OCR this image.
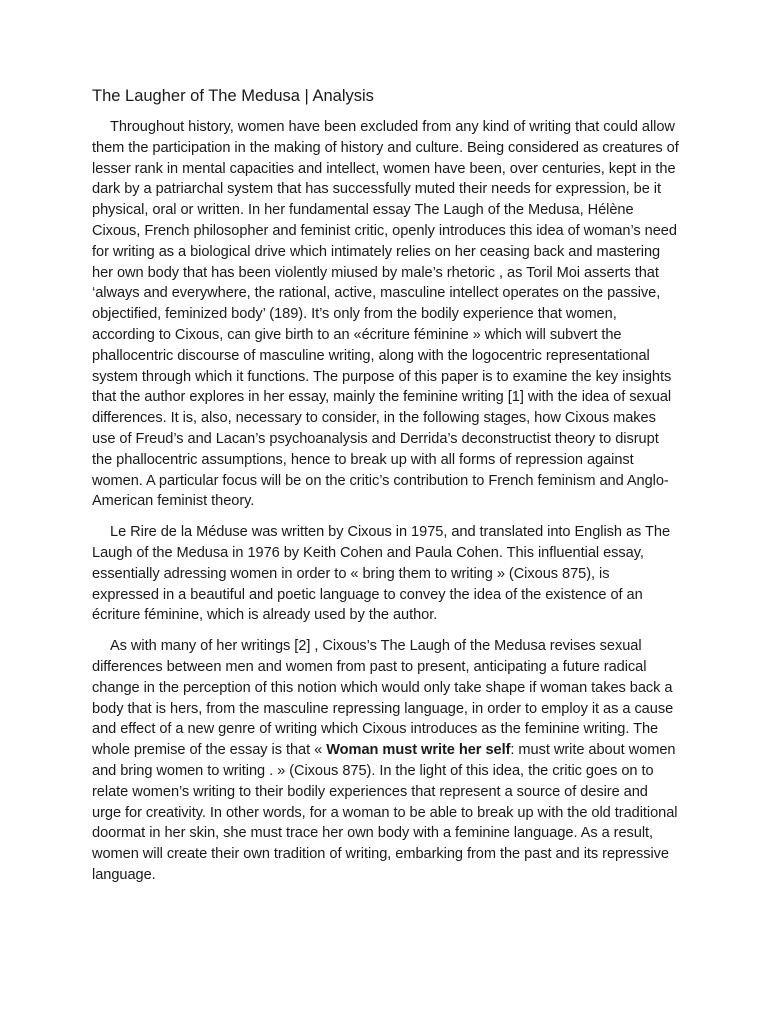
The Laugher of The Medusa | Analysis

Throughout history, women have been excluded from any kind of writing that could allow them the participation in the making of history and culture. Being considered as creatures of lesser rank in mental capacities and intellect, women have been, over centuries, kept in the dark by a patriarchal system that has successfully muted their needs for expression, be it physical, oral or written. In her fundamental essay The Laugh of the Medusa, Hélène Cixous, French philosopher and feminist critic, openly introduces this idea of woman’s need for writing as a biological drive which intimately relies on her ceasing back and mastering her own body that has been violently miused by male’s rhetoric , as Toril Moi asserts that ‘always and everywhere, the rational, active, masculine intellect operates on the passive, objectified, feminized body’ (189). It’s only from the bodily experience that women, according to Cixous, can give birth to an «écriture féminine » which will subvert the phallocentric discourse of masculine writing, along with the logocentric representational system through which it functions. The purpose of this paper is to examine the key insights that the author explores in her essay, mainly the feminine writing [1] with the idea of sexual differences. It is, also, necessary to consider, in the following stages, how Cixous makes use of Freud’s and Lacan’s psychoanalysis and Derrida’s deconstructist theory to disrupt the phallocentric assumptions, hence to break up with all forms of repression against women. A particular focus will be on the critic’s contribution to French feminism and Anglo-American feminist theory.

Le Rire de la Méduse was written by Cixous in 1975, and translated into English as The Laugh of the Medusa in 1976 by Keith Cohen and Paula Cohen. This influential essay, essentially adressing women in order to « bring them to writing » (Cixous 875), is expressed in a beautiful and poetic language to convey the idea of the existence of an écriture féminine, which is already used by the author.

As with many of her writings [2] , Cixous’s The Laugh of the Medusa revises sexual differences between men and women from past to present, anticipating a future radical change in the perception of this notion which would only take shape if woman takes back a body that is hers, from the masculine repressing language, in order to employ it as a cause and effect of a new genre of writing which Cixous introduces as the feminine writing. The whole premise of the essay is that « Woman must write her self: must write about women and bring women to writing . » (Cixous 875). In the light of this idea, the critic goes on to relate women’s writing to their bodily experiences that represent a source of desire and urge for creativity. In other words, for a woman to be able to break up with the old traditional doormat in her skin, she must trace her own body with a feminine language. As a result, women will create their own tradition of writing, embarking from the past and its repressive language.
